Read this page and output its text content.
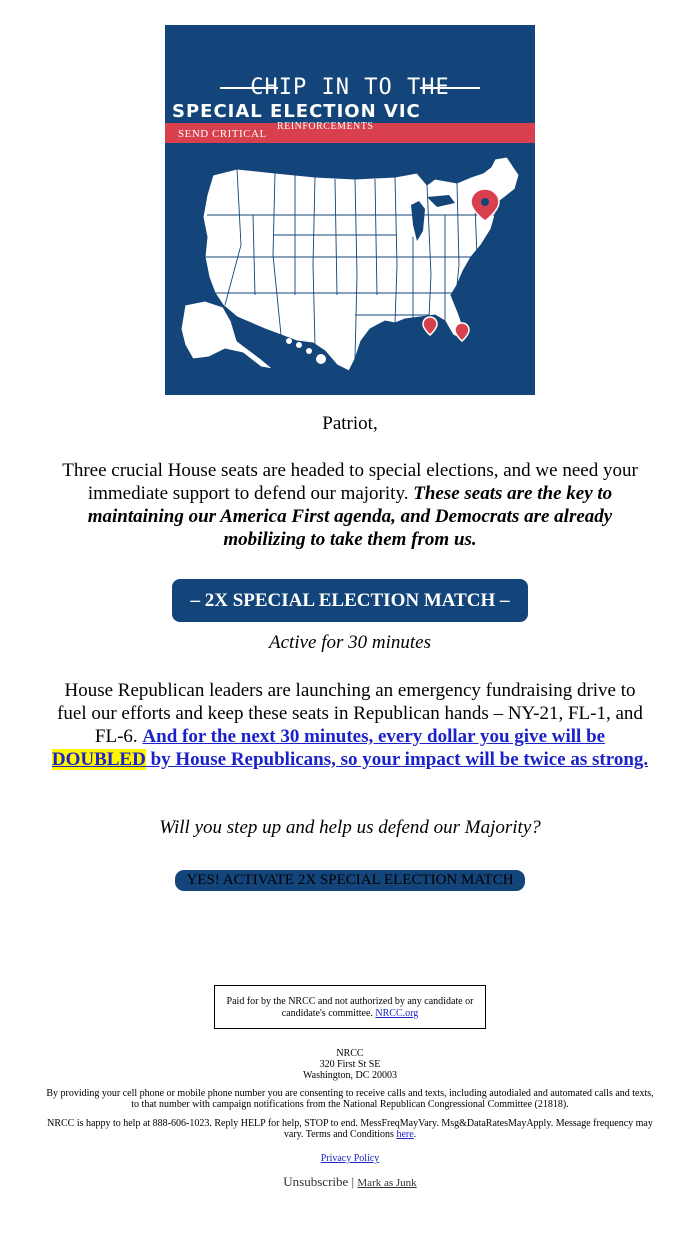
CHIP IN TO THE
SPECIAL ELECTION VIC
REINFORCEMENTS
SEND CRITICAL

Patriot,

Three crucial House seats are headed to special elections, and we need your immediate support to defend our majority. These seats are the key to maintaining our America First agenda, and Democrats are already mobilizing to take them from us.

– 2X SPECIAL ELECTION MATCH –
Active for 30 minutes

House Republican leaders are launching an emergency fundraising drive to fuel our efforts and keep these seats in Republican hands – NY-21, FL-1, and FL-6. And for the next 30 minutes, every dollar you give will be DOUBLED by House Republicans, so your impact will be twice as strong.

Will you step up and help us defend our Majority?
YES! ACTIVATE 2X SPECIAL ELECTION MATCH
Paid for by the NRCC and not authorized by any candidate or candidate's committee. NRCC.org

NRCC
320 First St SE
Washington, DC 20003

By providing your cell phone or mobile phone number you are consenting to receive calls and texts, including autodialed and automated calls and texts, to that number with campaign notifications from the National Republican Congressional Committee (21818).

NRCC is happy to help at 888-606-1023. Reply HELP for help, STOP to end. MessFreqMayVary. Msg&DataRatesMayApply. Message frequency may vary. Terms and Conditions here.

Privacy Policy

Unsubscribe | Mark as Junk
